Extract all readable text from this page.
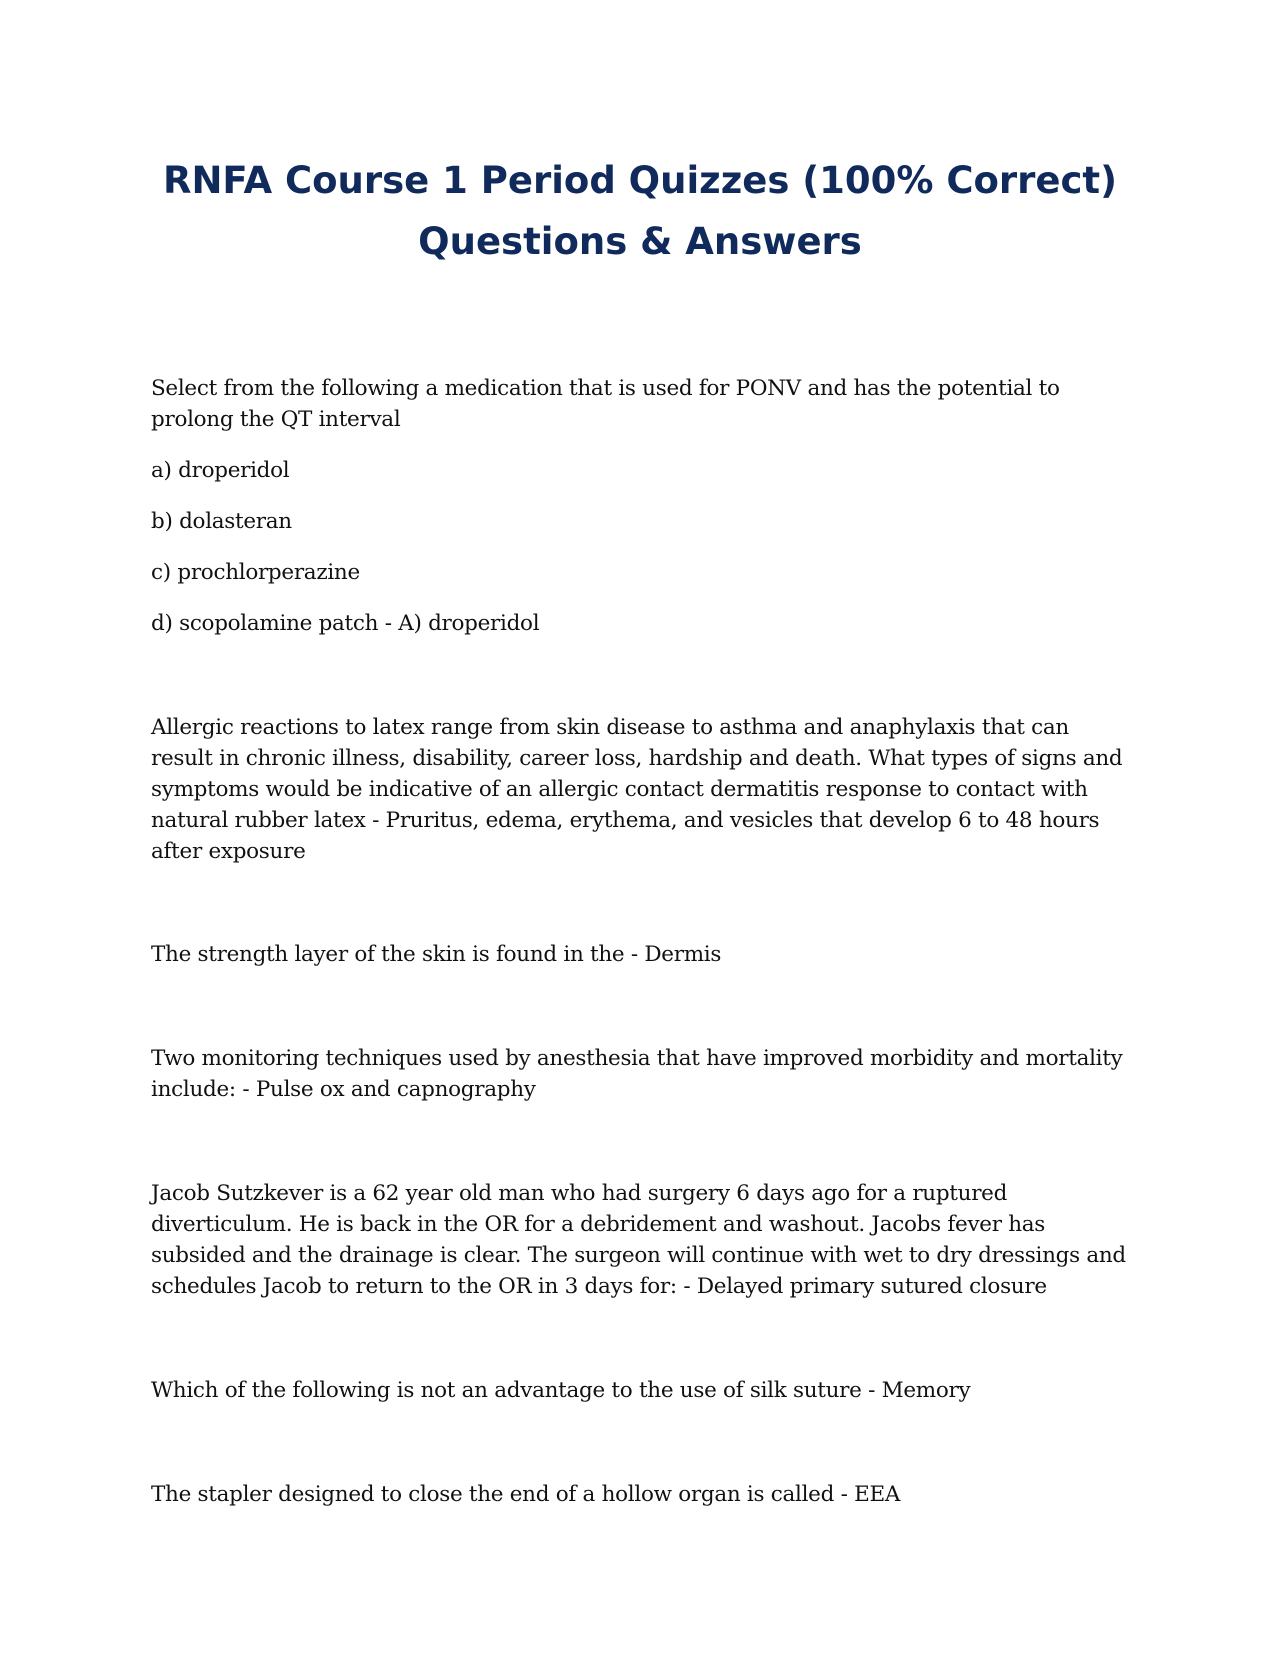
RNFA Course 1 Period Quizzes (100% Correct)
Questions & Answers

Select from the following a medication that is used for PONV and has the potential to prolong the QT interval

a) droperidol

b) dolasteran

c) prochlorperazine

d) scopolamine patch - A) droperidol

Allergic reactions to latex range from skin disease to asthma and anaphylaxis that can result in chronic illness, disability, career loss, hardship and death. What types of signs and symptoms would be indicative of an allergic contact dermatitis response to contact with natural rubber latex - Pruritus, edema, erythema, and vesicles that develop 6 to 48 hours after exposure

The strength layer of the skin is found in the - Dermis

Two monitoring techniques used by anesthesia that have improved morbidity and mortality include: - Pulse ox and capnography

Jacob Sutzkever is a 62 year old man who had surgery 6 days ago for a ruptured diverticulum. He is back in the OR for a debridement and washout. Jacobs fever has subsided and the drainage is clear. The surgeon will continue with wet to dry dressings and schedules Jacob to return to the OR in 3 days for: - Delayed primary sutured closure

Which of the following is not an advantage to the use of silk suture - Memory

The stapler designed to close the end of a hollow organ is called - EEA
